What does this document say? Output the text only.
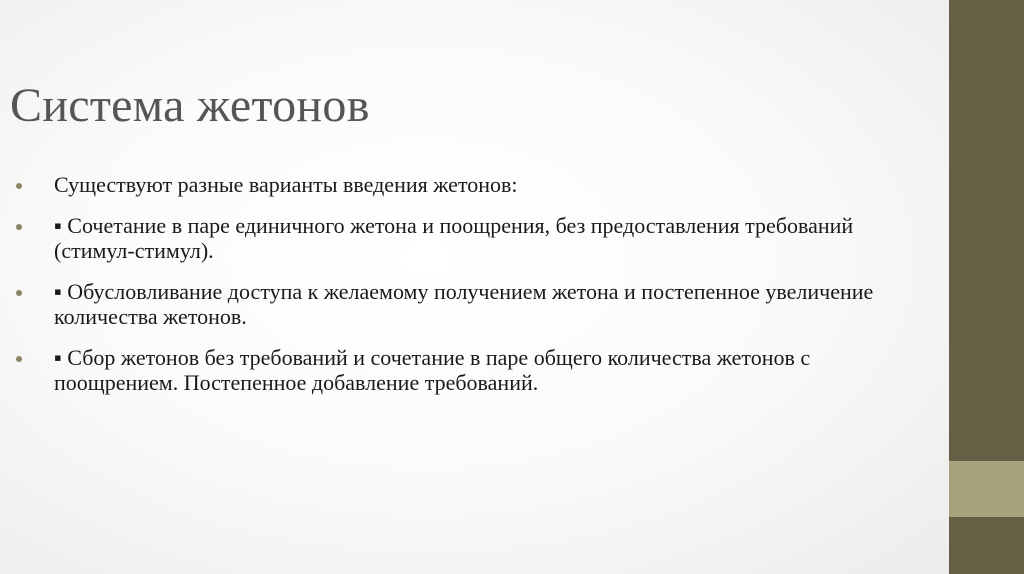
Система жетонов
Существуют разные варианты введения жетонов:
▪ Сочетание в паре единичного жетона и поощрения, без предоставления требований (стимул-стимул).
▪ Обусловливание доступа к желаемому получением жетона и постепенное увеличение количества жетонов.
▪ Сбор жетонов без требований и сочетание в паре общего количества жетонов с поощрением. Постепенное добавление требований.
